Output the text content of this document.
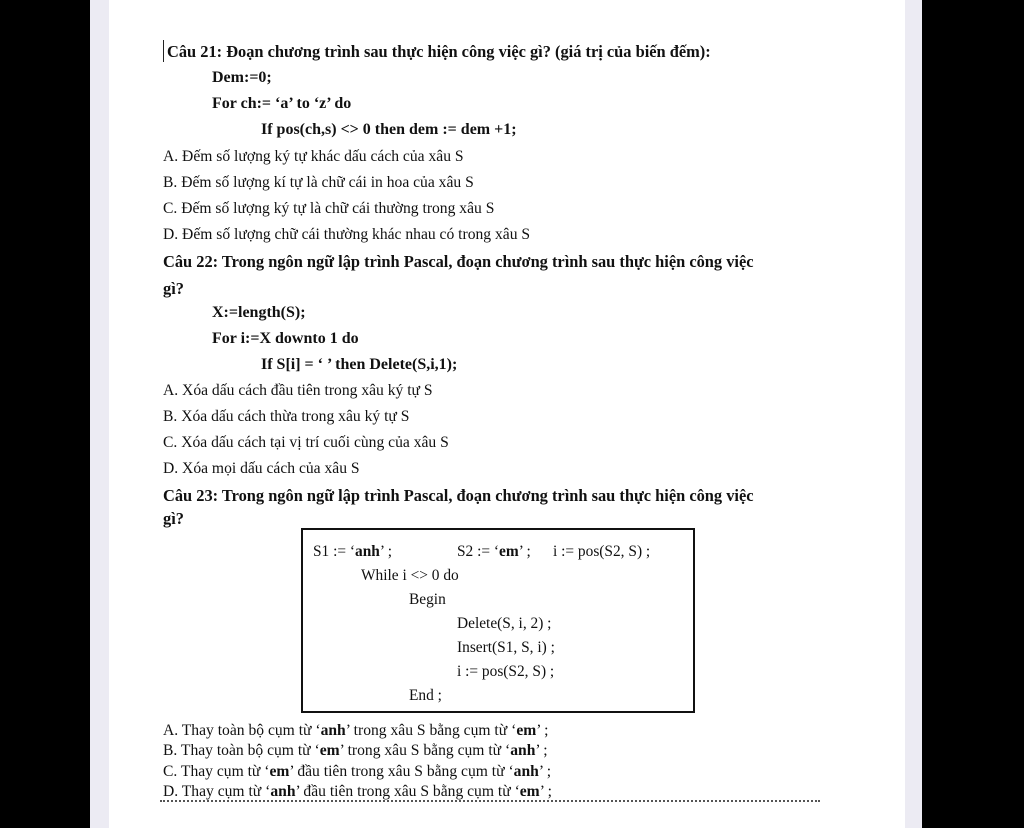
Câu 21: Đoạn chương trình sau thực hiện công việc gì? (giá trị của biến đếm):
Dem:=0;
For ch:= ‘a’ to ‘z’ do
If pos(ch,s) <> 0 then dem := dem +1;
A. Đếm số lượng ký tự khác dấu cách của xâu S
B. Đếm số lượng kí tự là chữ cái in hoa của xâu S
C. Đếm số lượng ký tự là chữ cái thường trong xâu S
D. Đếm số lượng chữ cái thường khác nhau có trong xâu S
Câu 22: Trong ngôn ngữ lập trình Pascal, đoạn chương trình sau thực hiện công việc
gì?
X:=length(S);
For i:=X downto 1 do
If S[i] = ‘ ’ then Delete(S,i,1);
A. Xóa dấu cách đầu tiên trong xâu ký tự S
B. Xóa dấu cách thừa trong xâu ký tự S
C. Xóa dấu cách tại vị trí cuối cùng của xâu S
D. Xóa mọi dấu cách của xâu S
Câu 23: Trong ngôn ngữ lập trình Pascal, đoạn chương trình sau thực hiện công việc
gì?
S1 := ‘anh’ ;	S2 := ‘em’ ; i := pos(S2, S) ;
While i <> 0 do
Begin
Delete(S, i, 2) ;
Insert(S1, S, i) ;
i := pos(S2, S) ;
End ;
A. Thay toàn bộ cụm từ ‘anh’ trong xâu S bằng cụm từ ‘em’ ;
B. Thay toàn bộ cụm từ ‘em’ trong xâu S bằng cụm từ ‘anh’ ;
C. Thay cụm từ ‘em’ đầu tiên trong xâu S bằng cụm từ ‘anh’ ;
D. Thay cụm từ ‘anh’ đầu tiên trong xâu S bằng cụm từ ‘em’ ;
